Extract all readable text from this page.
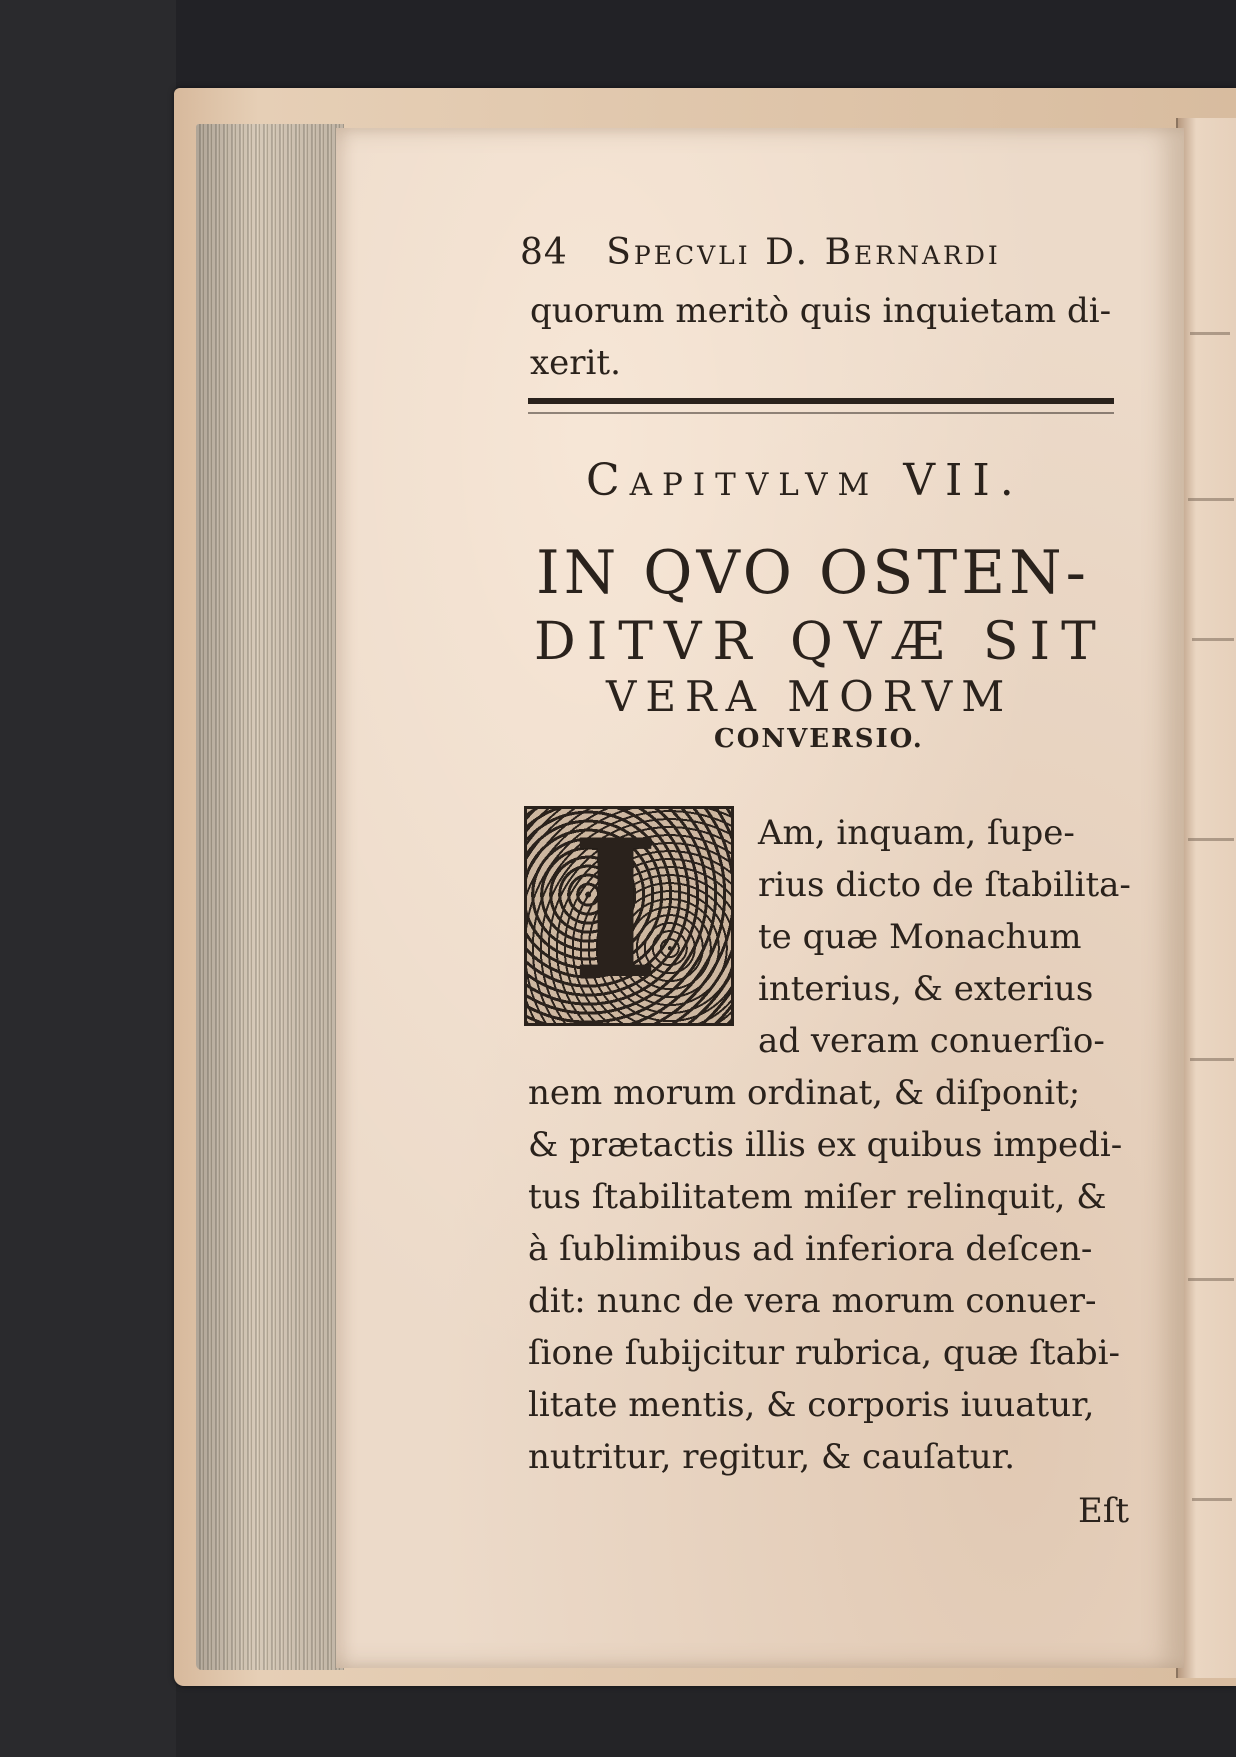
84 Specvli D. Bernardi
quorum meritò quis inquietam di-
xerit.
Capitvlvm VII.
IN QVO OSTEN-
DITVR QVÆ SIT
VERA MORVM
CONVERSIO.
I	Am, inquam, ſupe-
rius dicto de ſtabilita-
te quæ Monachum
interius, & exterius
ad veram conuerſio-
nem morum ordinat, & diſponit;
& prætactis illis ex quibus impedi-
tus ſtabilitatem miſer relinquit, &
à ſublimibus ad inferiora deſcen-
dit: nunc de vera morum conuer-
ſione ſubijcitur rubrica, quæ ſtabi-
litate mentis, & corporis iuuatur,
nutritur, regitur, & cauſatur.
Eſt
